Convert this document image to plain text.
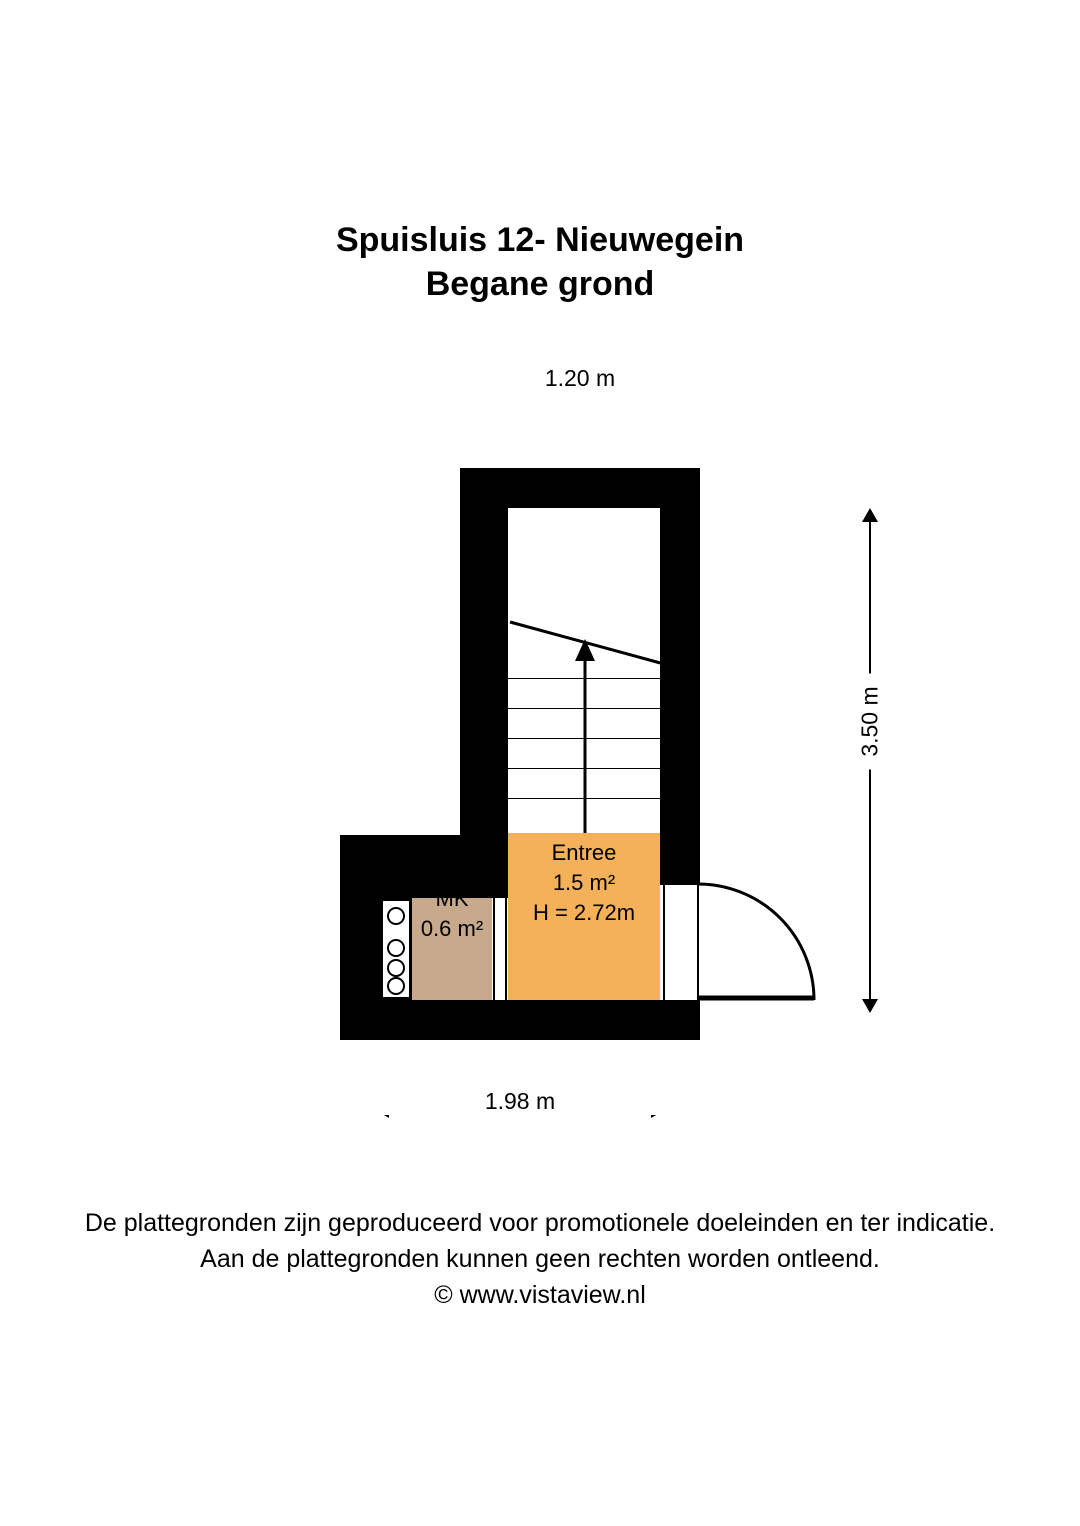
Spuisluis 12- Nieuwegein
Begane grond
1.20 m
3.50 m
1.98 m
Entree
1.5 m²
H = 2.72m
MK
0.6 m²
De plattegronden zijn geproduceerd voor promotionele doeleinden en ter indicatie.
Aan de plattegronden kunnen geen rechten worden ontleend.
© www.vistaview.nl
